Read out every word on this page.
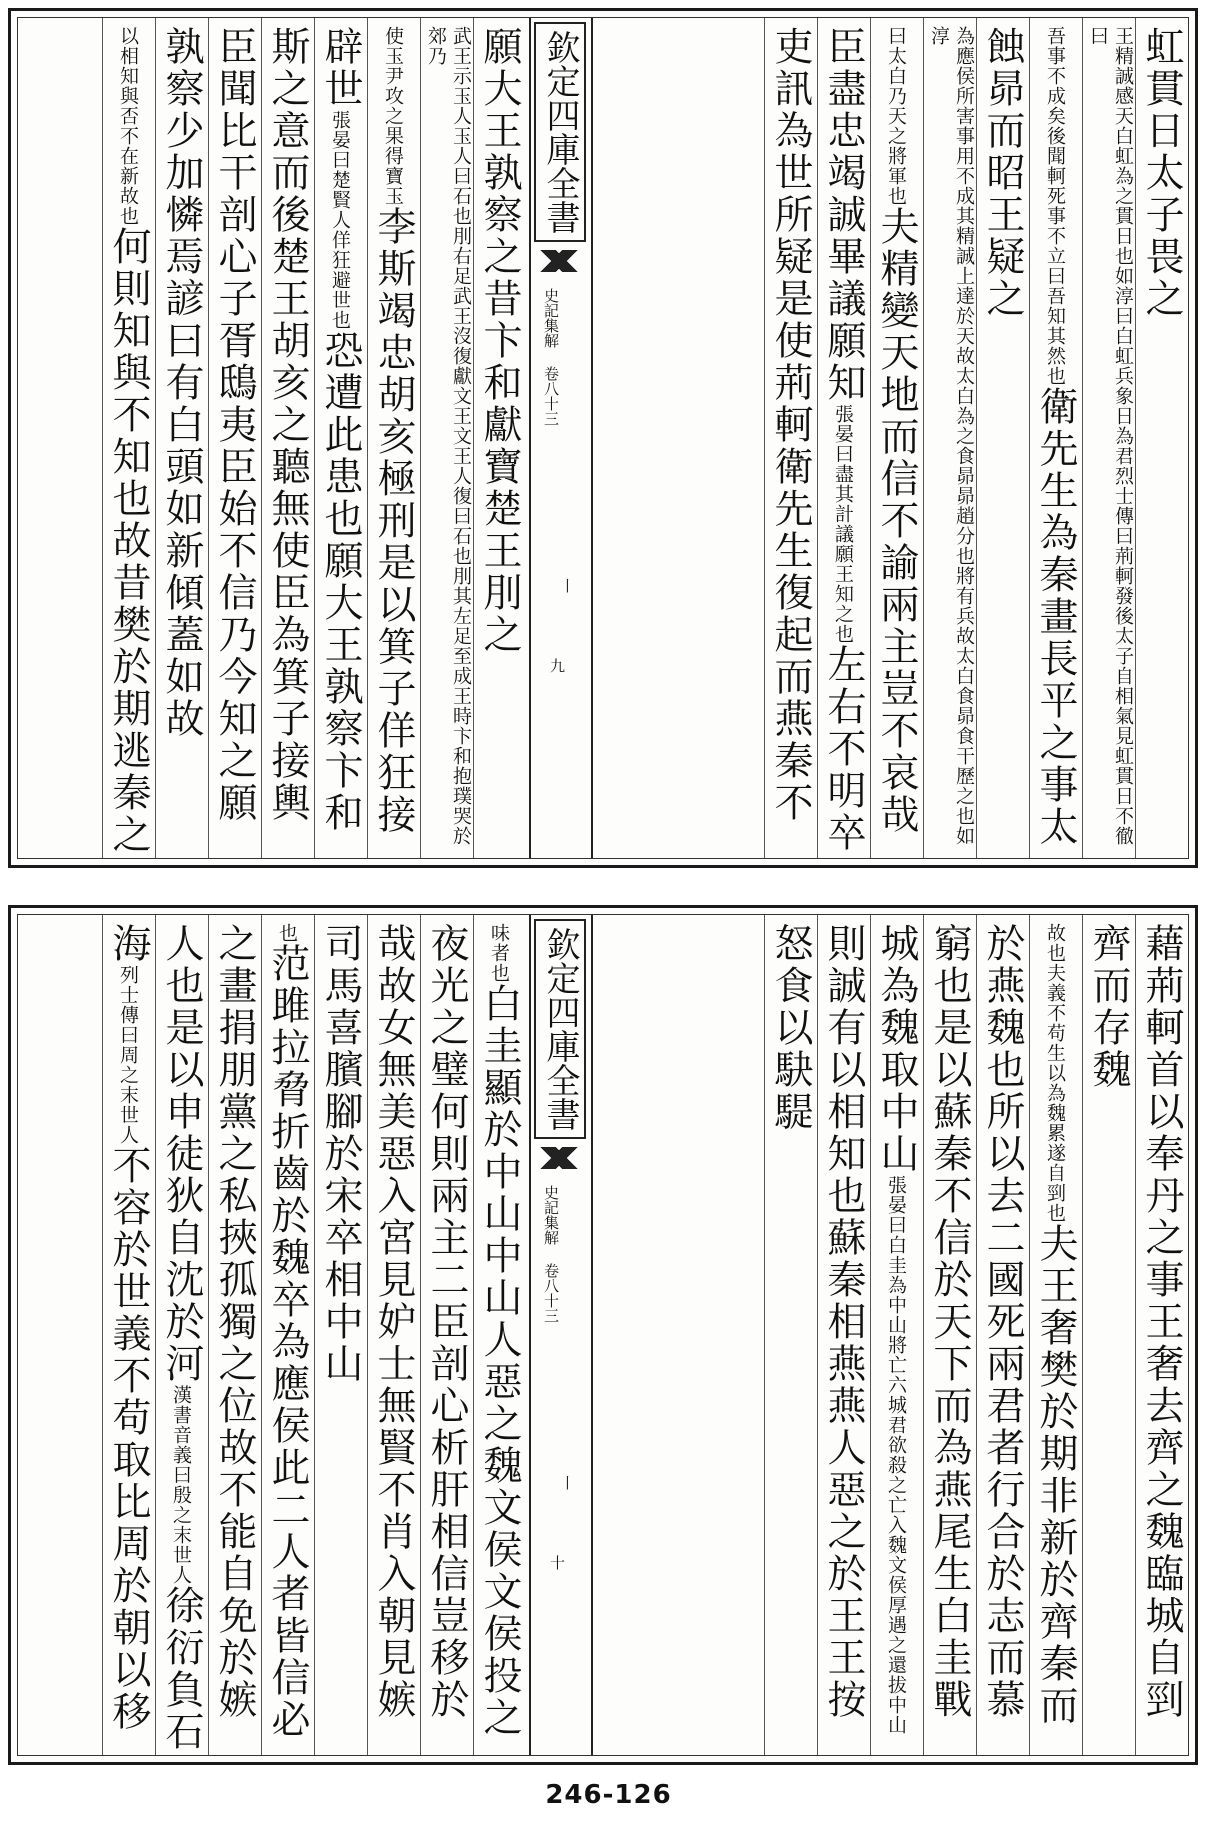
虹貫日太子畏之
王精誠感天白虹為之貫日也如淳曰白虹兵象日為君烈士傳曰荊軻發後太子自相氣見虹貫日不徹曰
吾事不成矣後聞軻死事不立曰吾知其然也衛先生為秦畫長平之事太
蝕昴而昭王疑之
為應侯所害事用不成其精誠上達於天故太白為之食昴昴趙分也將有兵故太白食昴食干歷之也如淳
曰太白乃天之將軍也夫精變天地而信不諭兩主豈不哀哉
臣盡忠竭誠畢議願知張晏曰盡其計議願王知之也左右不明卒
吏訊為世所疑是使荊軻衛先生復起而燕秦不
欽定四庫全書
史記集解 卷八十三
丨
九
願大王孰察之昔卞和獻寶楚王刖之
武王示玉人玉人曰石也刖右足武王沒復獻文王文王人復曰石也刖其左足至成王時卞和抱璞哭於郊乃
使玉尹攻之果得寶玉李斯竭忠胡亥極刑是以箕子佯狂接
辟世張晏曰楚賢人佯狂避世也恐遭此患也願大王孰察卞和
斯之意而後楚王胡亥之聽無使臣為箕子接輿
臣聞比干剖心子胥鴟夷臣始不信乃今知之願
孰察少加憐焉諺曰有白頭如新傾蓋如故
以相知與否不在新故也何則知與不知也故昔樊於期逃秦之
藉荊軻首以奉丹之事王奢去齊之魏臨城自剄
齊而存魏
故也夫義不苟生以為魏累遂自剄也夫王奢樊於期非新於齊秦而
於燕魏也所以去二國死兩君者行合於志而慕
窮也是以蘇秦不信於天下而為燕尾生白圭戰
城為魏取中山張晏曰白圭為中山將亡六城君欲殺之亡入魏文侯厚遇之還拔中山
則誠有以相知也蘇秦相燕燕人惡之於王王按
怒食以駃騠
欽定四庫全書
史記集解 卷八十三
丨
十
味者也白圭顯於中山中山人惡之魏文侯文侯投之
夜光之璧何則兩主二臣剖心析肝相信豈移於
哉故女無美惡入宮見妒士無賢不肖入朝見嫉
司馬喜臏腳於宋卒相中山
也范雎拉脅折齒於魏卒為應侯此二人者皆信必
之畫捐朋黨之私挾孤獨之位故不能自免於嫉
人也是以申徒狄自沈於河漢書音義曰殷之末世人徐衍負石
海列士傳曰周之末世人不容於世義不苟取比周於朝以移
246-126
